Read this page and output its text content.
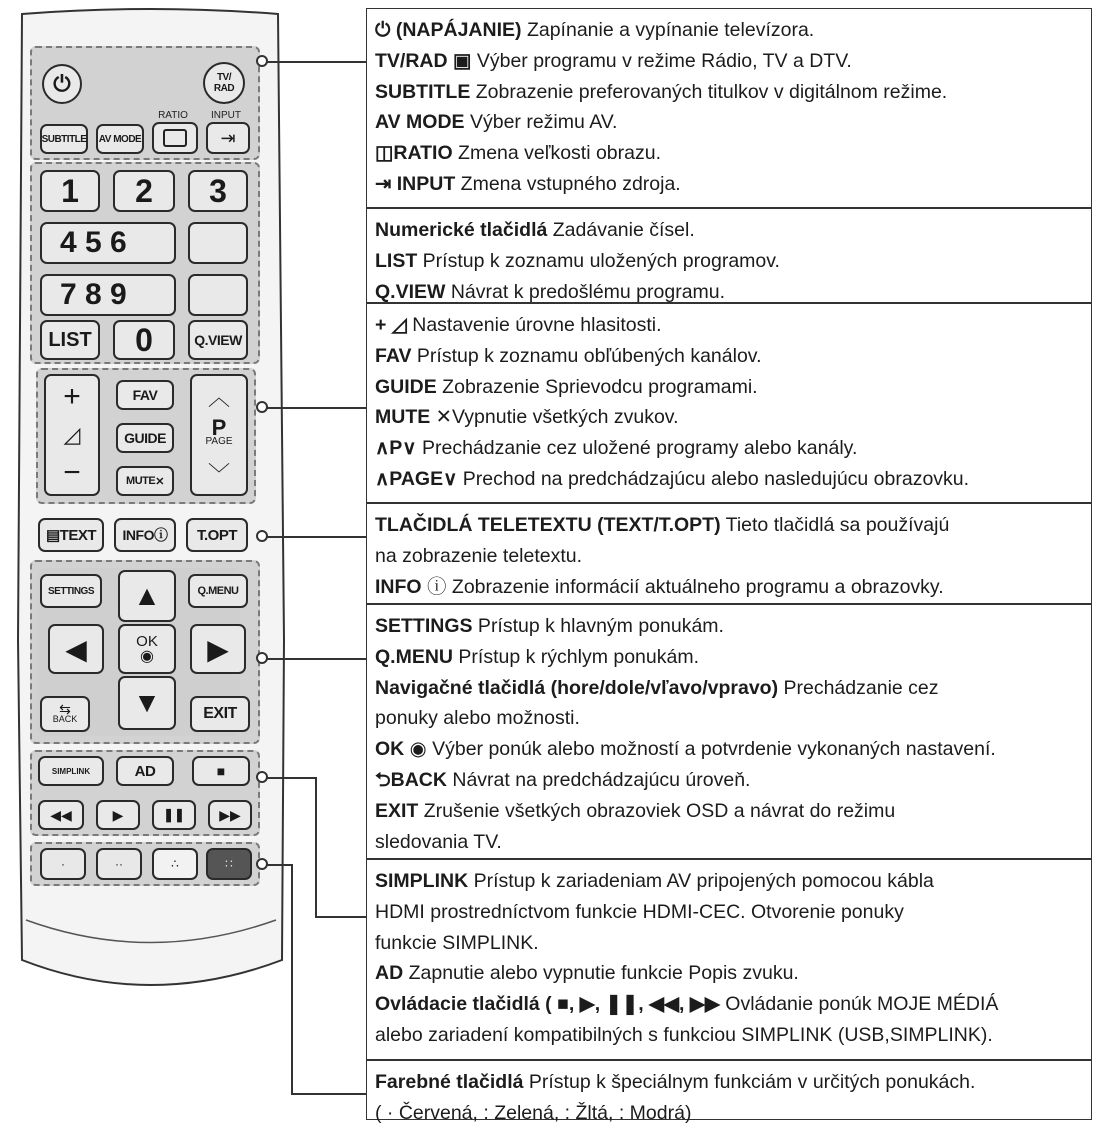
⏻	TV/
RAD
SUBTITLE AV MODE
RATIO	INPUT
⇥
1	2	3
4 5 6
7 8 9
LIST	0	Q.VIEW
+
◿
−
FAV
GUIDE
MUTE ✕
︿
P
PAGE
﹀
▤ TEXT INFO ⓘ	T.OPT
SETTINGS	Q.MENU
▲
◀	OK
◉ ▶
▼
⇆
BACK	EXIT
SIMPLINK	AD	■
◀◀	▶	❚❚ ▶▶
·	··	∴	∷
⏻ (NAPÁJANIE) Zapínanie a vypínanie televízora.
TV/RAD ▣ Výber programu v režime Rádio, TV a DTV.
SUBTITLE Zobrazenie preferovaných titulkov v digitálnom režime.
AV MODE Výber režimu AV.
◫RATIO Zmena veľkosti obrazu.
⇥ INPUT Zmena vstupného zdroja.
Numerické tlačidlá Zadávanie čísel.
LIST Prístup k zoznamu uložených programov.
Q.VIEW Návrat k predošlému programu.
+ ◿ Nastavenie úrovne hlasitosti.
FAV Prístup k zoznamu obľúbených kanálov.
GUIDE Zobrazenie Sprievodcu programami.
MUTE ✕Vypnutie všetkých zvukov.
∧P∨ Prechádzanie cez uložené programy alebo kanály.
∧PAGE∨ Prechod na predchádzajúcu alebo nasledujúcu obrazovku.
TLAČIDLÁ TELETEXTU (TEXT/T.OPT) Tieto tlačidlá sa používajú
na zobrazenie teletextu.
INFO ⓘ Zobrazenie informácií aktuálneho programu a obrazovky.
SETTINGS Prístup k hlavným ponukám.
Q.MENU Prístup k rýchlym ponukám.
Navigačné tlačidlá (hore/dole/vľavo/vpravo) Prechádzanie cez
ponuky alebo možnosti.
OK ◉ Výber ponúk alebo možností a potvrdenie vykonaných nastavení.
⮌BACK Návrat na predchádzajúcu úroveň.
EXIT Zrušenie všetkých obrazoviek OSD a návrat do režimu
sledovania TV.
SIMPLINK Prístup k zariadeniam AV pripojených pomocou kábla
HDMI prostredníctvom funkcie HDMI-CEC. Otvorenie ponuky
funkcie SIMPLINK.
AD Zapnutie alebo vypnutie funkcie Popis zvuku.
Ovládacie tlačidlá ( ■, ▶, ❚❚, ◀◀, ▶▶ Ovládanie ponúk MOJE MÉDIÁ
alebo zariadení kompatibilných s funkciou SIMPLINK (USB,SIMPLINK).
Farebné tlačidlá Prístup k špeciálnym funkciám v určitých ponukách.
( · Červená, : Zelená, : Žltá, : Modrá)
